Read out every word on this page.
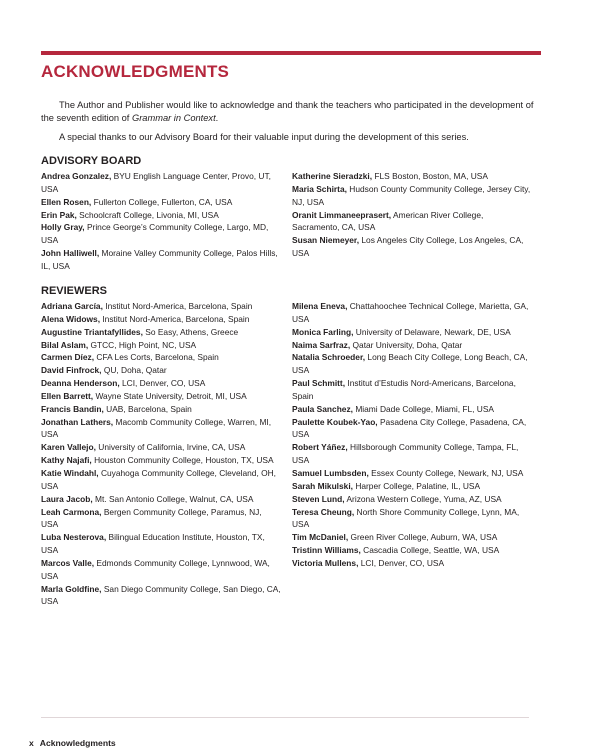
ACKNOWLEDGMENTS

The Author and Publisher would like to acknowledge and thank the teachers who participated in the development of the seventh edition of Grammar in Context.

A special thanks to our Advisory Board for their valuable input during the development of this series.

ADVISORY BOARD

Andrea Gonzalez, BYU English Language Center, Provo, UT, USA

Ellen Rosen, Fullerton College, Fullerton, CA, USA

Erin Pak, Schoolcraft College, Livonia, MI, USA

Holly Gray, Prince George’s Community College, Largo, MD, USA

John Halliwell, Moraine Valley Community College, Palos Hills, IL, USA

Katherine Sieradzki, FLS Boston, Boston, MA, USA

Maria Schirta, Hudson County Community College, Jersey City, NJ, USA

Oranit Limmaneeprasert, American River College, Sacramento, CA, USA

Susan Niemeyer, Los Angeles City College, Los Angeles, CA, USA

REVIEWERS

Adriana García, Institut Nord-America, Barcelona, Spain

Alena Widows, Institut Nord-America, Barcelona, Spain

Augustine Triantafyllides, So Easy, Athens, Greece

Bilal Aslam, GTCC, High Point, NC, USA

Carmen Díez, CFA Les Corts, Barcelona, Spain

David Finfrock, QU, Doha, Qatar

Deanna Henderson, LCI, Denver, CO, USA

Ellen Barrett, Wayne State University, Detroit, MI, USA

Francis Bandin, UAB, Barcelona, Spain

Jonathan Lathers, Macomb Community College, Warren, MI, USA

Karen Vallejo, University of California, Irvine, CA, USA

Kathy Najafi, Houston Community College, Houston, TX, USA

Katie Windahl, Cuyahoga Community College, Cleveland, OH, USA

Laura Jacob, Mt. San Antonio College, Walnut, CA, USA

Leah Carmona, Bergen Community College, Paramus, NJ, USA

Luba Nesterova, Bilingual Education Institute, Houston, TX, USA

Marcos Valle, Edmonds Community College, Lynnwood, WA, USA

Marla Goldfine, San Diego Community College, San Diego, CA, USA

Milena Eneva, Chattahoochee Technical College, Marietta, GA, USA

Monica Farling, University of Delaware, Newark, DE, USA

Naima Sarfraz, Qatar University, Doha, Qatar

Natalia Schroeder, Long Beach City College, Long Beach, CA, USA

Paul Schmitt, Institut d’Estudis Nord-Americans, Barcelona, Spain

Paula Sanchez, Miami Dade College, Miami, FL, USA

Paulette Koubek-Yao, Pasadena City College, Pasadena, CA, USA

Robert Yáñez, Hillsborough Community College, Tampa, FL, USA

Samuel Lumbsden, Essex County College, Newark, NJ, USA

Sarah Mikulski, Harper College, Palatine, IL, USA

Steven Lund, Arizona Western College, Yuma, AZ, USA

Teresa Cheung, North Shore Community College, Lynn, MA, USA

Tim McDaniel, Green River College, Auburn, WA, USA

Tristinn Williams, Cascadia College, Seattle, WA, USA

Victoria Mullens, LCI, Denver, CO, USA

x Acknowledgments
